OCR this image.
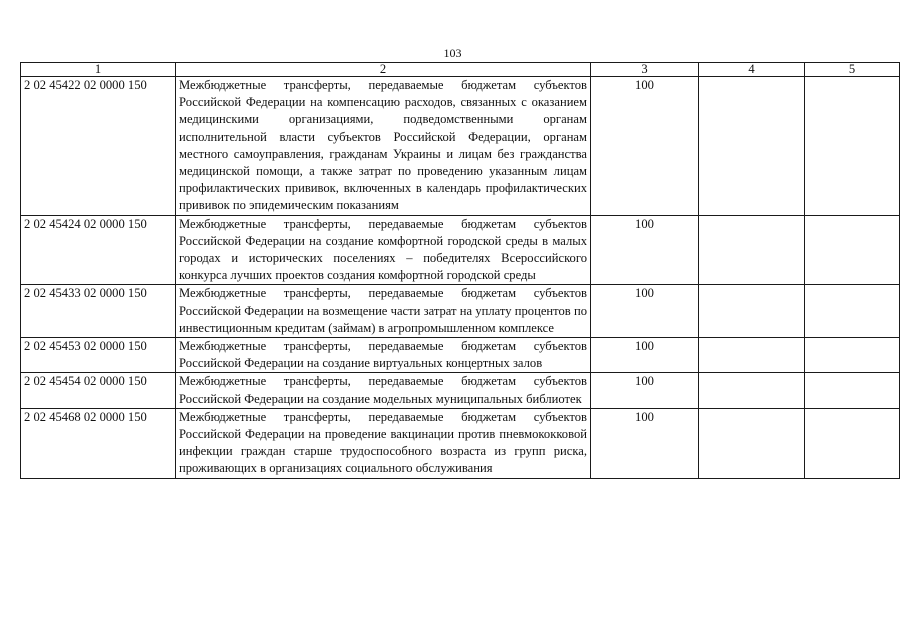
103
1	2	3	4	5
2 02 45422 02 0000 150	Межбюджетные трансферты, передаваемые бюджетам субъектов Российской Федерации на компенсацию расходов, связанных с оказанием медицинскими организациями, подведомственными органам исполнительной власти субъектов Российской Федерации, органам местного самоуправления, гражданам Украины и лицам без гражданства медицинской помощи, а также затрат по проведению указанным лицам профилактических прививок, включенных в календарь профилактических прививок по эпидемическим показаниям	100		
2 02 45424 02 0000 150	Межбюджетные трансферты, передаваемые бюджетам субъектов Российской Федерации на создание комфортной городской среды в малых городах и исторических поселениях – победителях Всероссийского конкурса лучших проектов создания комфортной городской среды	100		
2 02 45433 02 0000 150	Межбюджетные трансферты, передаваемые бюджетам субъектов Российской Федерации на возмещение части затрат на уплату процентов по инвестиционным кредитам (займам) в агропромышленном комплексе	100		
2 02 45453 02 0000 150	Межбюджетные трансферты, передаваемые бюджетам субъектов Российской Федерации на создание виртуальных концертных залов	100		
2 02 45454 02 0000 150	Межбюджетные трансферты, передаваемые бюджетам субъектов Российской Федерации на создание модельных муниципальных библиотек	100		
2 02 45468 02 0000 150	Межбюджетные трансферты, передаваемые бюджетам субъектов Российской Федерации на проведение вакцинации против пневмококковой инфекции граждан старше трудоспособного возраста из групп риска, проживающих в организациях социального обслуживания	100		
